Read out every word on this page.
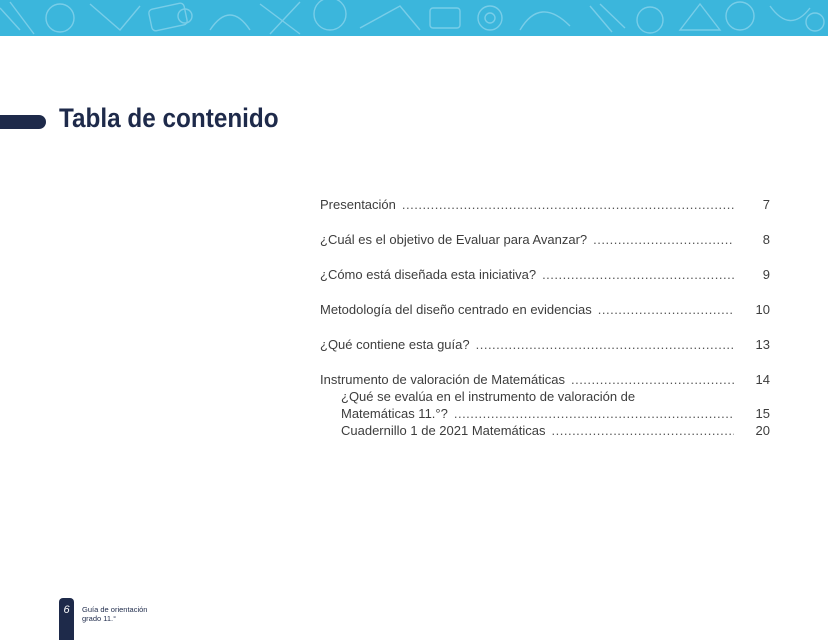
Tabla de contenido
Presentación .....	7
¿Cuál es el objetivo de Evaluar para Avanzar? .....	8
¿Cómo está diseñada esta iniciativa? .....	9
Metodología del diseño centrado en evidencias .....	10
¿Qué contiene esta guía? .....	13
Instrumento de valoración de Matemáticas .....	14
¿Qué se evalúa en el instrumento de valoración de
Matemáticas 11.°? .....	15
Cuadernillo 1 de 2021 Matemáticas .....	20
6	Guía de orientación
grado 11.°
